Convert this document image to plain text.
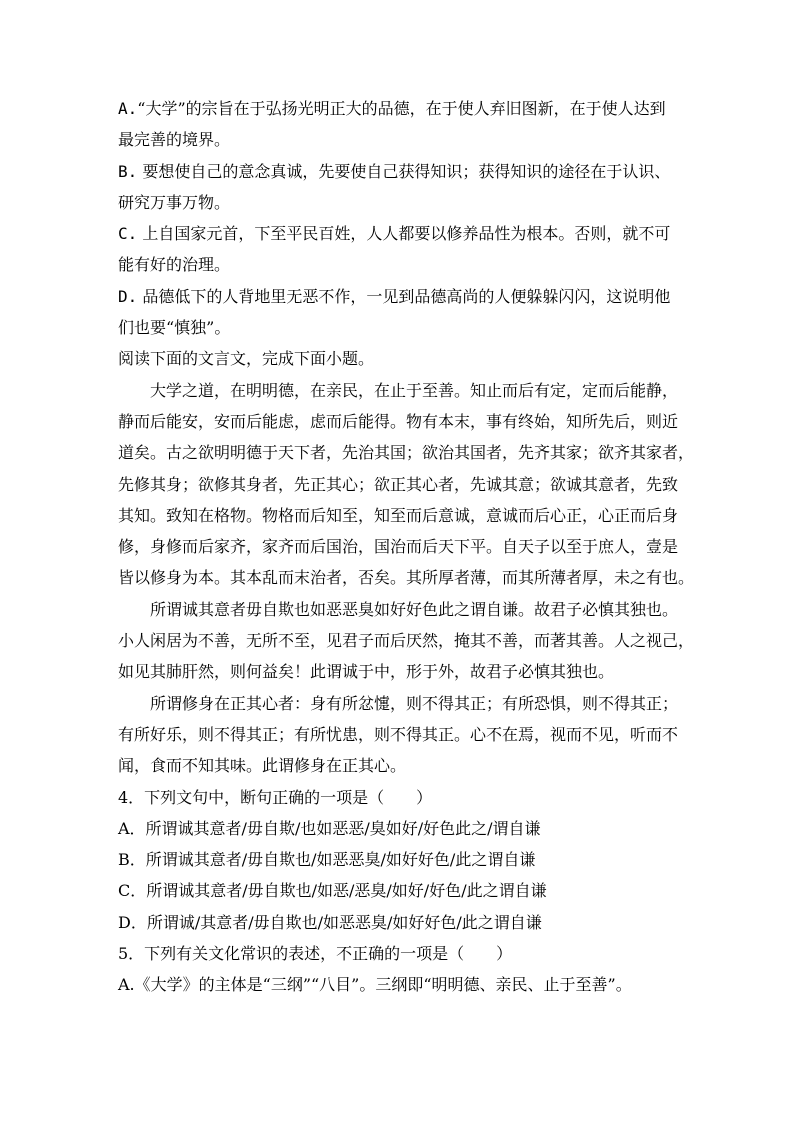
A.“大学”的宗旨在于弘扬光明正大的品德，在于使人弃旧图新，在于使人达到
最完善的境界。
B. 要想使自己的意念真诚，先要使自己获得知识；获得知识的途径在于认识、
研究万事万物。
C. 上自国家元首，下至平民百姓，人人都要以修养品性为根本。否则，就不可
能有好的治理。
D. 品德低下的人背地里无恶不作，一见到品德高尚的人便躲躲闪闪，这说明他
们也要“慎独”。
阅读下面的文言文，完成下面小题。
大学之道，在明明德，在亲民，在止于至善。知止而后有定，定而后能静，
静而后能安，安而后能虑，虑而后能得。物有本末，事有终始，知所先后，则近
道矣。古之欲明明德于天下者，先治其国；欲治其国者，先齐其家；欲齐其家者，
先修其身；欲修其身者，先正其心；欲正其心者，先诚其意；欲诚其意者，先致
其知。致知在格物。物格而后知至，知至而后意诚，意诚而后心正，心正而后身
修，身修而后家齐，家齐而后国治，国治而后天下平。自天子以至于庶人，壹是
皆以修身为本。其本乱而末治者，否矣。其所厚者薄，而其所薄者厚，未之有也。
所谓诚其意者毋自欺也如恶恶臭如好好色此之谓自谦。故君子必慎其独也。
小人闲居为不善，无所不至，见君子而后厌然，掩其不善，而著其善。人之视己，
如见其肺肝然，则何益矣！此谓诚于中，形于外，故君子必慎其独也。
所谓修身在正其心者：身有所忿懥，则不得其正；有所恐惧，则不得其正；
有所好乐，则不得其正；有所忧患，则不得其正。心不在焉，视而不见，听而不
闻，食而不知其味。此谓修身在正其心。
4．下列文句中，断句正确的一项是（　　）
A．所谓诚其意者/毋自欺/也如恶恶/臭如好/好色此之/谓自谦
B．所谓诚其意者/毋自欺也/如恶恶臭/如好好色/此之谓自谦
C．所谓诚其意者/毋自欺也/如恶/恶臭/如好/好色/此之谓自谦
D．所谓诚/其意者/毋自欺也/如恶恶臭/如好好色/此之谓自谦
5．下列有关文化常识的表述，不正确的一项是（　　）
A.《大学》的主体是“三纲”“八目”。三纲即“明明德、亲民、止于至善”。
